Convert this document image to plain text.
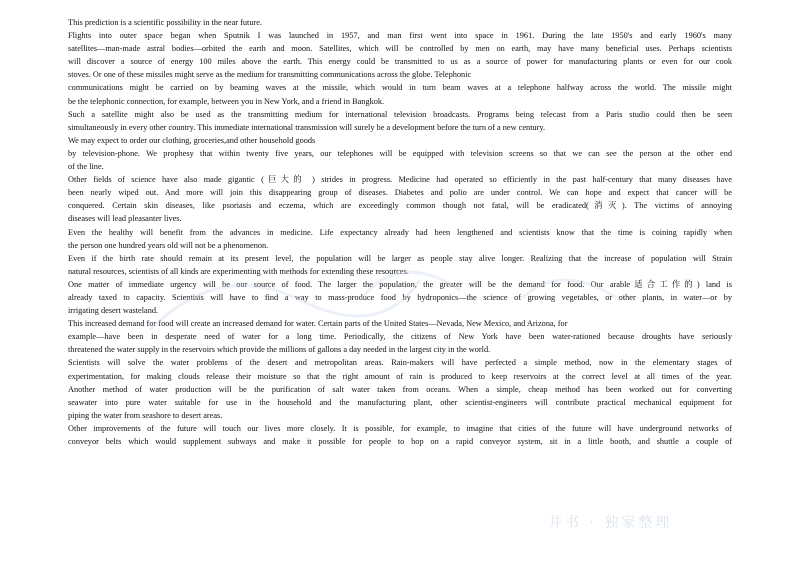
This prediction is a scientific possibility in the near future.
Flights into outer space began when Sputnik I was launched in 1957, and man first went into space in 1961. During the late 1950's and early 1960's many
satellites—man-made astral bodies—orbited the earth and moon. Satellites, which will be controlled by men on earth, may have many beneficial uses. Perhaps scientists
will discover a source of energy 100 miles above the earth. This energy could be transmitted to us as a source of power for manufacturing plants or even for our cook
stoves. Or one of these missiles might serve as the medium for transmitting communications across the globe. Telephonic
communications might be carried on by beaming waves at the missile, which would in turn beam waves at a telephone halfway across the world. The missile might
be the telephonic connection, for example, between you in New York, and a friend in Bangkok.
Such a satellite might also be used as the transmitting medium for international television broadcasts. Programs being telecast from a Paris studio could then be seen
simultaneously in every other country. This immediate international transmission will surely be a development before the turn of a new century.
We may expect to order our clothing, groceries,and other household goods
by television-phone. We prophesy that within twenty five years, our telephones will be equipped with television screens so that we can see the person at the other end
of the line.
Other fields of science have also made gigantic (巨大的 ) strides in progress. Medicine had operated so efficiently in the past half-century that many diseases have
been nearly wiped out. And more will join this disappearing group of diseases. Diabetes and polio are under control. We can hope and expect that cancer will be
conquered. Certain skin diseases, like psoriasis and eczema, which are exceedingly common though not fatal, will be eradicated(消灭). The victims of annoying
diseases will lead pleasanter lives.
Even the healthy will benefit from the advances in medicine. Life expectancy already had been lengthened and scientists know that the time is coining rapidly when
the person one hundred years old will not be a phenomenon.
Even if the birth rate should remain at its present level, the population will be larger as people stay alive longer. Realizing that the increase of population will Strain
natural resources, scientists of all kinds are experimenting with methods for extending these resources.
One matter of immediate urgency will be our source of food. The larger the population, the greater will be the demand for food. Our arable适合工作的) land is
already taxed to capacity. Scientists will have to find a way to mass-produce food by hydroponics—the science of growing vegetables, or other plants, in water—or by
irrigating desert wasteland.
This increased demand for food will create an increased demand for water. Certain parts of the United States—Nevada, New Mexico, and Arizona, for
example—have been in desperate need of water for a long time. Periodically, the citizens of New York have been water-rationed because droughts have seriously
threatened the water supply in the reservoirs which provide the millions of gallons a day needed in the largest city in the world.
Scientists will solve the water problems of the desert and metropolitan areas. Rain-makers will have perfected a simple method, now in the elementary stages of
experimentation, for making clouds release their moisture so that the right amount of rain is produced to keep reservoirs at the correct level at all times of the year.
Another method of water production will be the purification of salt water taken from oceans. When a simple, cheap method has been worked out for converting
seawater into pure water suitable for use in the household and the manufacturing plant, other scientist-engineers will contribute practical mechanical equipment for
piping the water from seashore to desert areas.
Other improvements of the future will touch our lives more closely. It is possible, for example, to imagine that cities of the future will have underground networks of
conveyor belts which would supplement subways and make it possible for people to hop on a rapid conveyor system, sit in a little booth, and shuttle a couple of
井书 · 独家整理
